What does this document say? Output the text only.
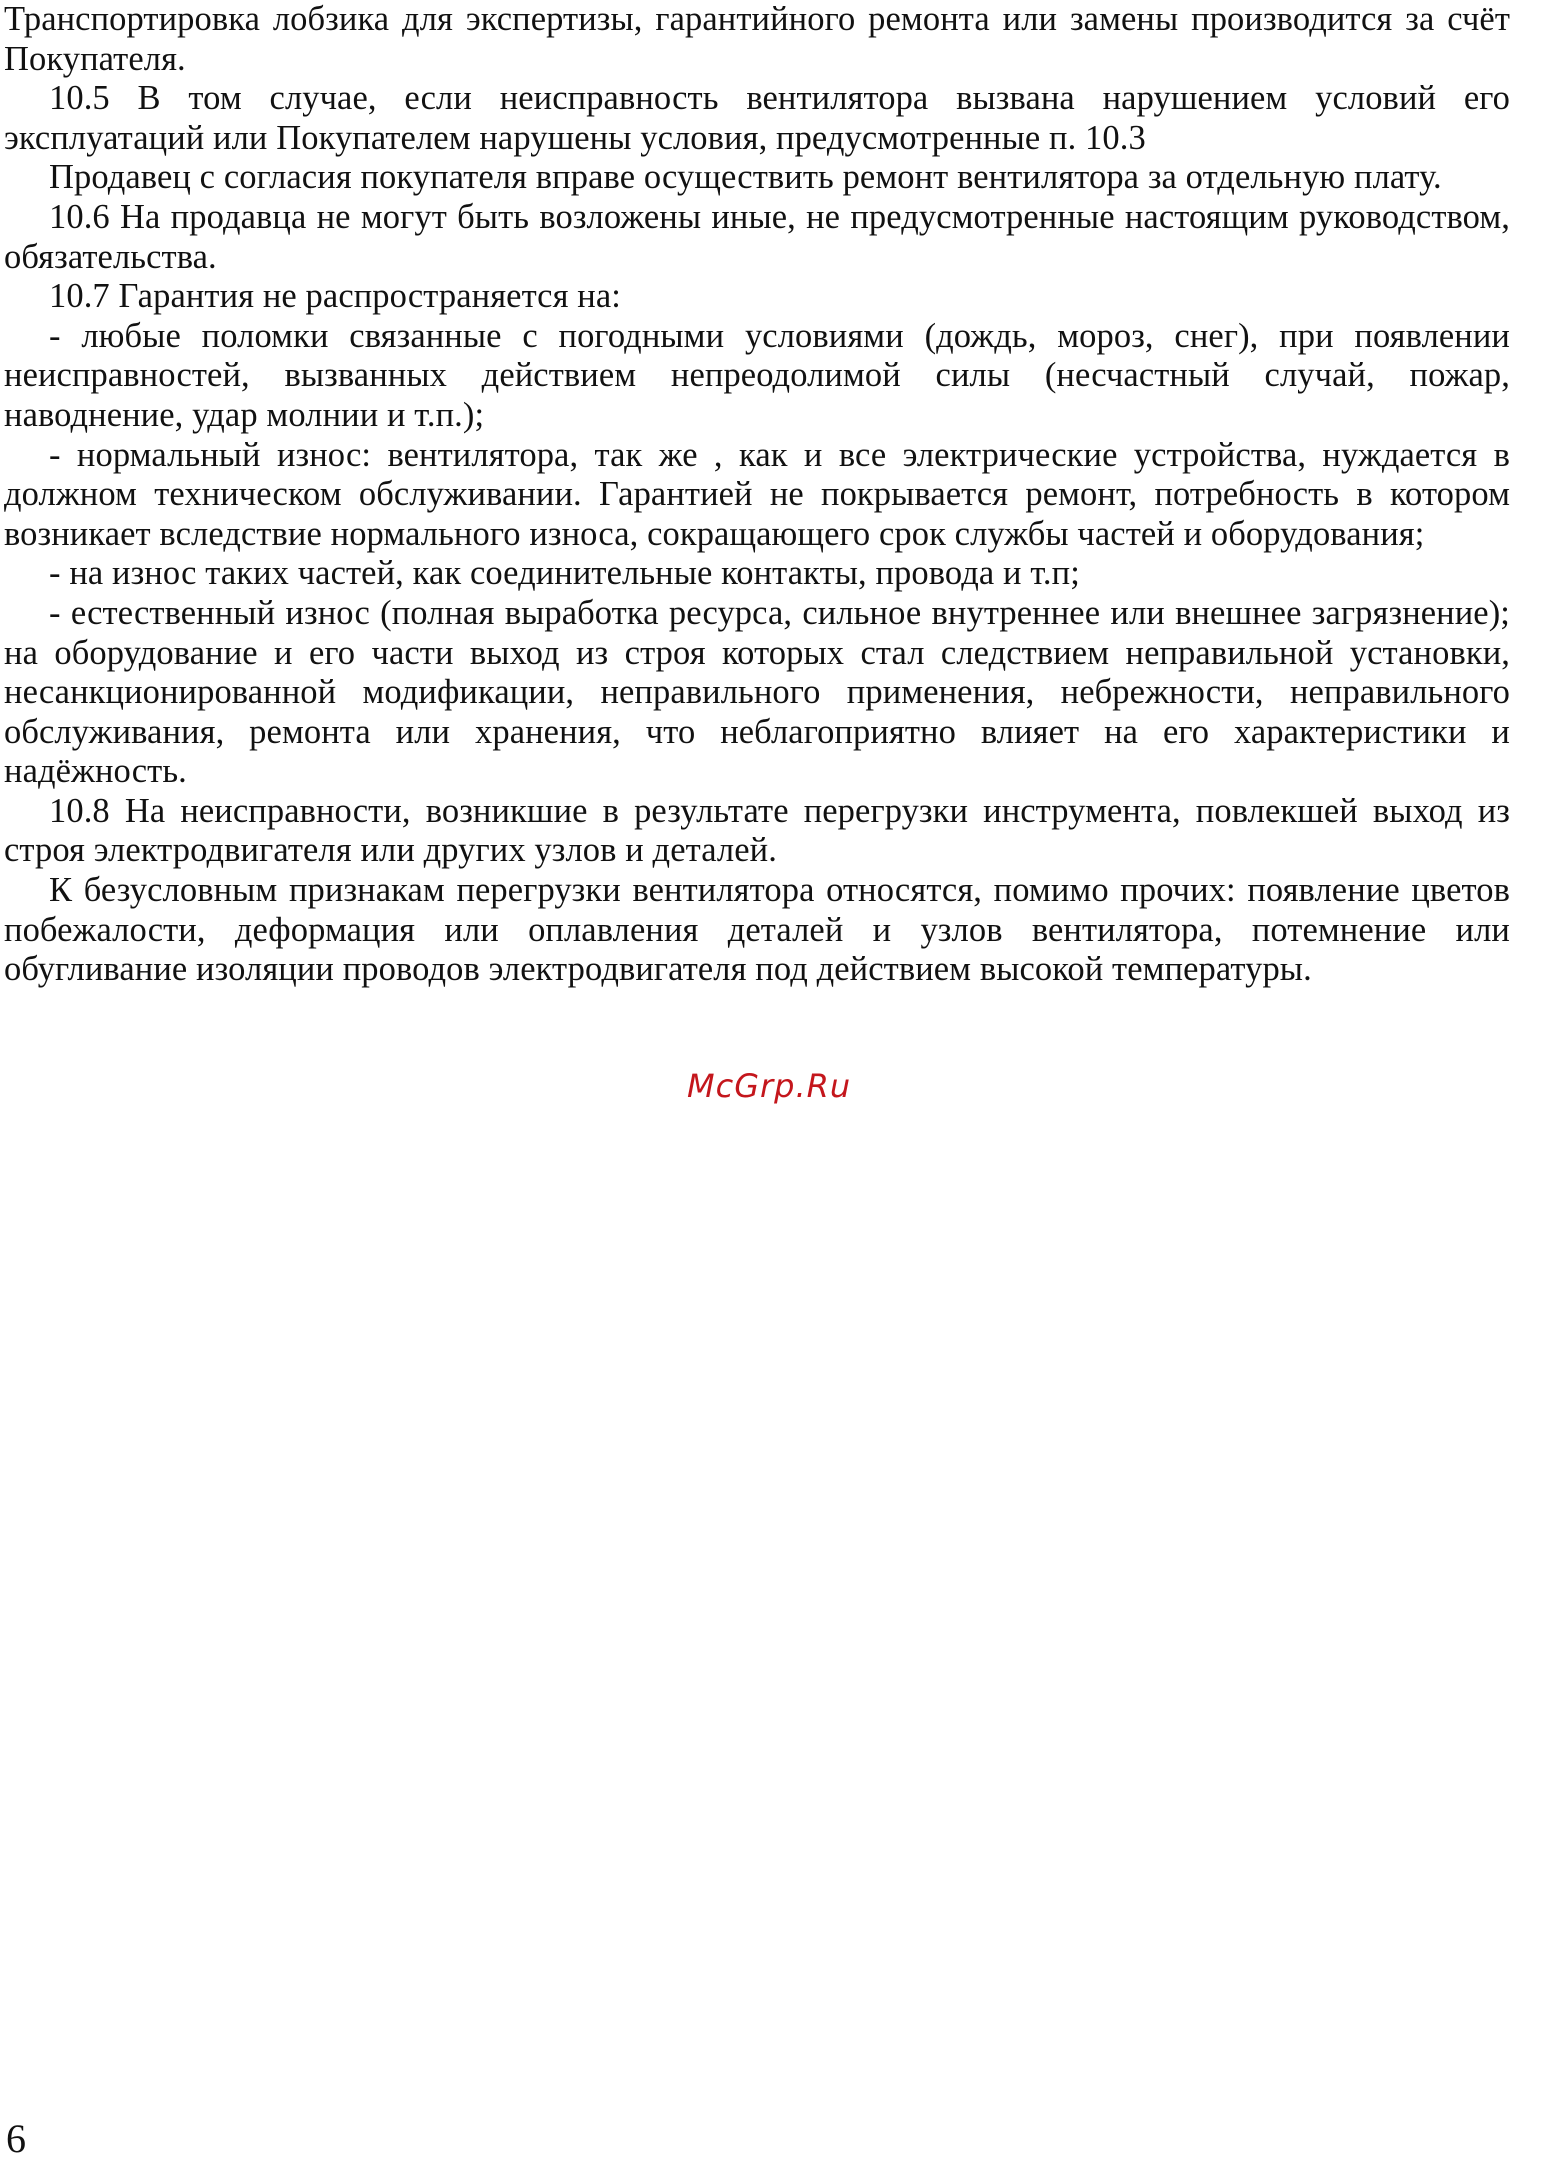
Транспортировка лобзика для экспертизы, гарантийного ремонта или замены производится за счёт Покупателя.

10.5 В том случае, если неисправность вентилятора вызвана нарушением условий его эксплуатаций или Покупателем нарушены условия, предусмотренные п. 10.3

Продавец с согласия покупателя вправе осуществить ремонт вентилятора за отдельную плату.

10.6 На продавца не могут быть возложены иные, не предусмотренные настоящим руководством, обязательства.

10.7 Гарантия не распространяется на:

- любые поломки связанные с погодными условиями (дождь, мороз, снег), при появлении неисправностей, вызванных действием непреодолимой силы (несчастный случай, пожар, наводнение, удар молнии и т.п.);

- нормальный износ: вентилятора, так же , как и все электрические устройства, нуждается в должном техническом обслуживании. Гарантией не покрывается ремонт, потребность в котором возникает вследствие нормального износа, сокращающего срок службы частей и оборудования;

- на износ таких частей, как соединительные контакты, провода и т.п;

- естественный износ (полная выработка ресурса, сильное внутреннее или внешнее загрязнение); на оборудование и его части выход из строя которых стал следствием неправильной установки, несанкционированной модификации, неправильного применения, небрежности, неправильного обслуживания, ремонта или хранения, что неблагоприятно влияет на его характеристики и надёжность.

10.8 На неисправности, возникшие в результате перегрузки инструмента, повлекшей выход из строя электродвигателя или других узлов и деталей.

К безусловным признакам перегрузки вентилятора относятся, помимо прочих: появление цветов побежалости, деформация или оплавления деталей и узлов вентилятора, потемнение или обугливание изоляции проводов электродвигателя под действием высокой температуры.

McGrp.Ru
6
